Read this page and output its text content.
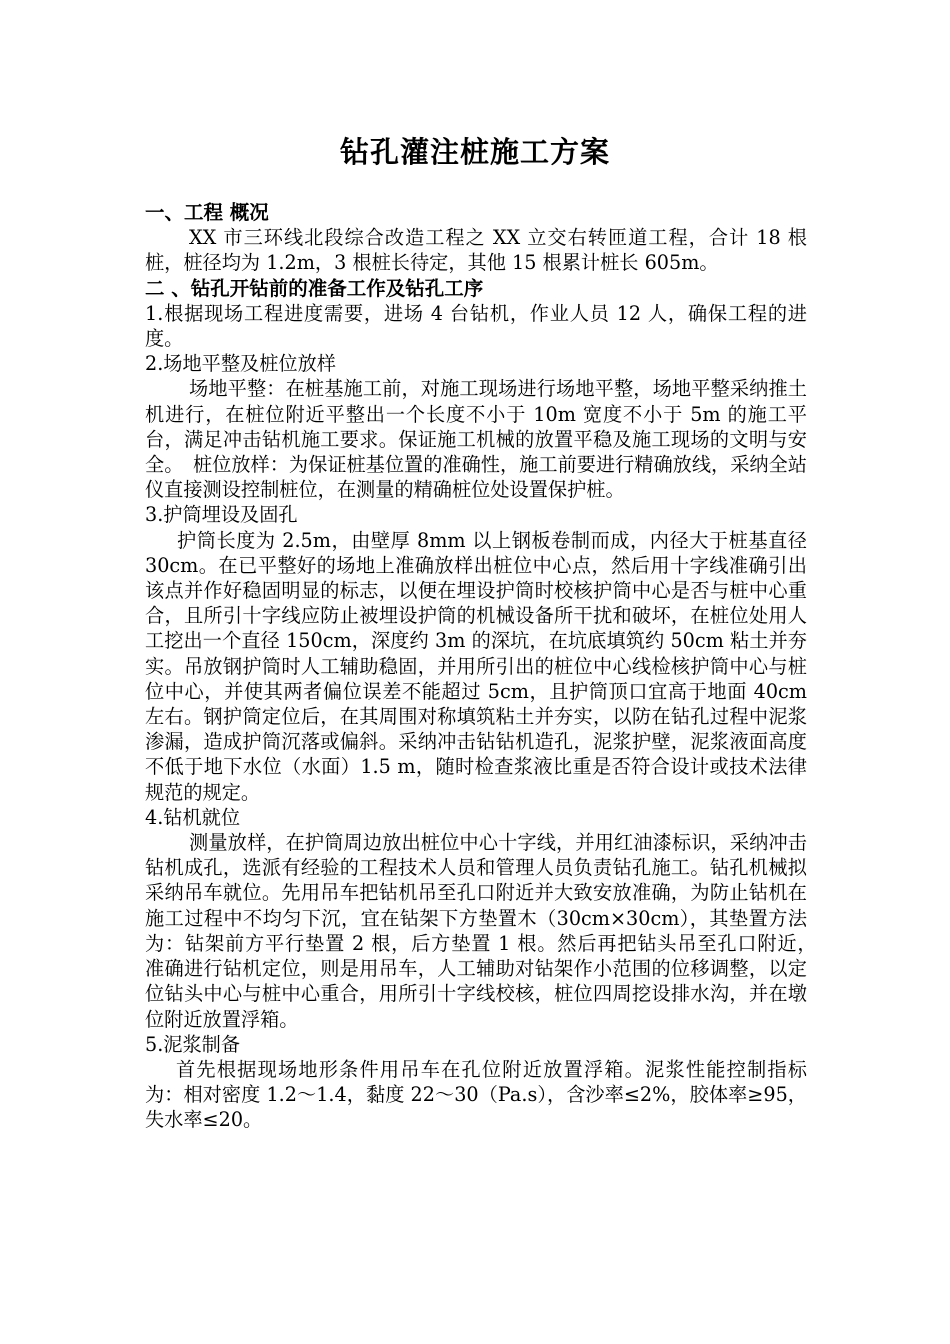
钻孔灌注桩施工方案

一、工程 概况

XX 市三环线北段综合改造工程之 XX 立交右转匝道工程，合计 18 根桩，桩径均为 1.2m，3 根桩长待定，其他 15 根累计桩长 605m。

二 、钻孔开钻前的准备工作及钻孔工序

1.根据现场工程进度需要，进场 4 台钻机，作业人员 12 人，确保工程的进度。

2.场地平整及桩位放样

场地平整：在桩基施工前，对施工现场进行场地平整，场地平整采纳推土机进行，在桩位附近平整出一个长度不小于 10m 宽度不小于 5m 的施工平台，满足冲击钻机施工要求。保证施工机械的放置平稳及施工现场的文明与安全。　桩位放样：为保证桩基位置的准确性，施工前要进行精确放线，采纳全站仪直接测设控制桩位，在测量的精确桩位处设置保护桩。

3.护筒埋设及固孔

护筒长度为 2.5m，由壁厚 8mm 以上钢板卷制而成，内径大于桩基直径 30cm。在已平整好的场地上准确放样出桩位中心点，然后用十字线准确引出该点并作好稳固明显的标志，以便在埋设护筒时校核护筒中心是否与桩中心重合，且所引十字线应防止被埋设护筒的机械设备所干扰和破坏，在桩位处用人工挖出一个直径 150cm，深度约 3m 的深坑，在坑底填筑约 50cm 粘土并夯实。吊放钢护筒时人工辅助稳固，并用所引出的桩位中心线检核护筒中心与桩位中心，并使其两者偏位误差不能超过 5cm，且护筒顶口宜高于地面 40cm 左右。钢护筒定位后，在其周围对称填筑粘土并夯实，以防在钻孔过程中泥浆渗漏，造成护筒沉落或偏斜。采纳冲击钻钻机造孔，泥浆护壁，泥浆液面高度不低于地下水位（水面）1.5 m，随时检查浆液比重是否符合设计或技术法律规范的规定。

4.钻机就位

测量放样，在护筒周边放出桩位中心十字线，并用红油漆标识，采纳冲击钻机成孔，选派有经验的工程技术人员和管理人员负责钻孔施工。钻孔机械拟采纳吊车就位。先用吊车把钻机吊至孔口附近并大致安放准确，为防止钻机在施工过程中不均匀下沉，宜在钻架下方垫置木（30cm×30cm），其垫置方法为：钻架前方平行垫置 2 根，后方垫置 1 根。然后再把钻头吊至孔口附近，　准确进行钻机定位，则是用吊车，人工辅助对钻架作小范围的位移调整，以定位钻头中心与桩中心重合，用所引十字线校核，桩位四周挖设排水沟，并在墩位附近放置浮箱。

5.泥浆制备

首先根据现场地形条件用吊车在孔位附近放置浮箱。泥浆性能控制指标为：相对密度 1.2～1.4，黏度 22～30（Pa.s），含沙率≤2%，胶体率≥95，失水率≤20。
